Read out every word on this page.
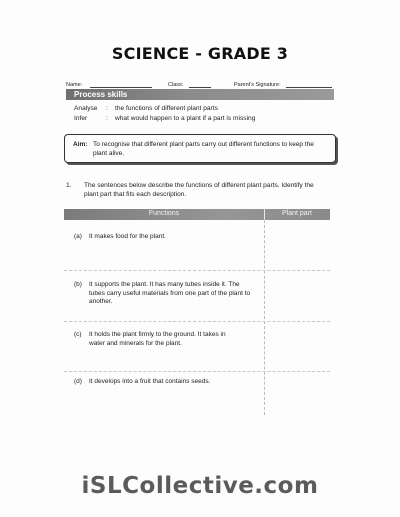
SCIENCE - GRADE 3
Name:	Class:	Parent's Signature:
Process skills
Analyse : the functions of different plant parts
Infer	: what would happen to a plant if a part is missing
Aim: To recognise that different plant parts carry out different functions to keep the plant alive.
1. The sentences below describe the functions of different plant parts. Identify the plant part that fits each description.
Functions	Plant part
(a) It makes food for the plant.
(b) It supports the plant. It has many tubes inside it. The tubes carry useful materials from one part of the plant to another.
(c) It holds the plant firmly to the ground. It takes in water and minerals for the plant.
(d) It develops into a fruit that contains seeds.
iSLCollective.com
